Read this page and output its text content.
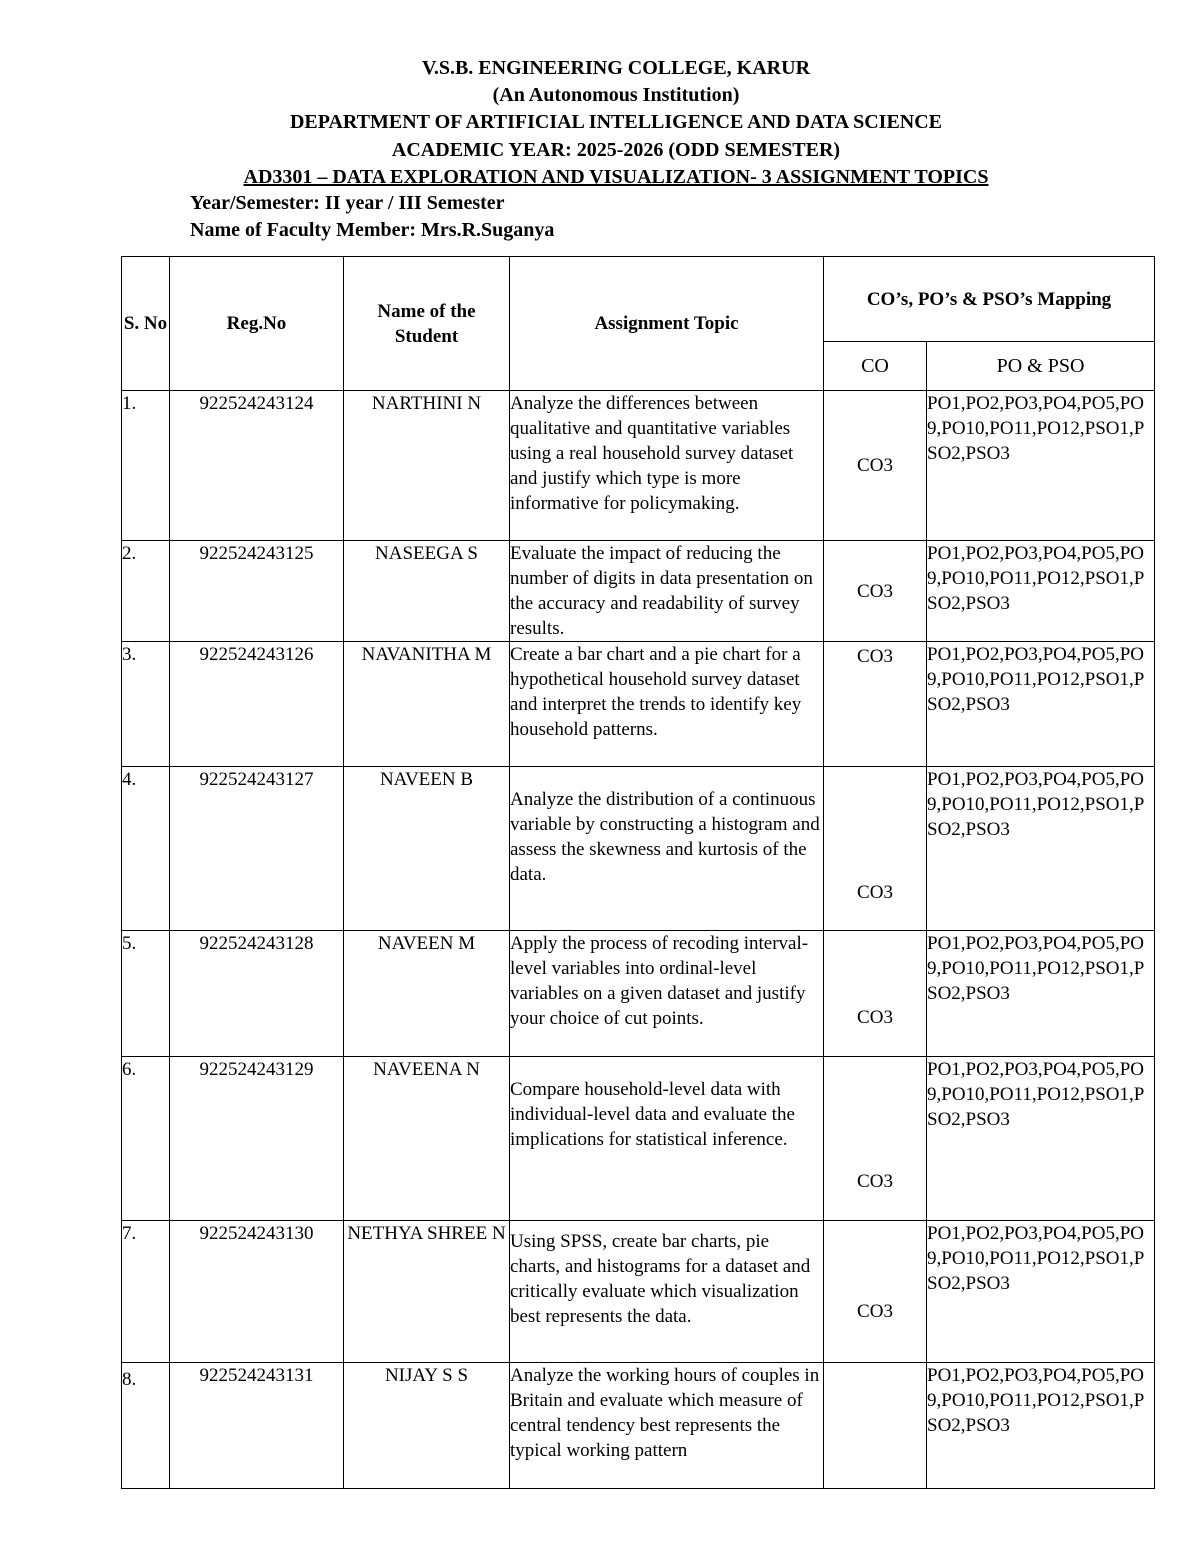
V.S.B. ENGINEERING COLLEGE, KARUR
(An Autonomous Institution)
DEPARTMENT OF ARTIFICIAL INTELLIGENCE AND DATA SCIENCE
ACADEMIC YEAR: 2025-2026 (ODD SEMESTER)
AD3301 – DATA EXPLORATION AND VISUALIZATION- 3 ASSIGNMENT TOPICS
Year/Semester: II year / III Semester
Name of Faculty Member: Mrs.R.Suganya
S. No	Reg.No	Name of the Student	Assignment Topic	CO’s, PO’s & PSO’s Mapping	
				CO	PO & PSO
1.	922524243124	NARTHINI N	Analyze the differences between qualitative and quantitative variables using a real household survey dataset and justify which type is more informative for policymaking.	CO3	PO1,PO2,PO3,PO4,PO5,PO9,PO10,PO11,PO12,PSO1,PSO2,PSO3
2.	922524243125	NASEEGA S	Evaluate the impact of reducing the number of digits in data presentation on the accuracy and readability of survey results.	CO3	PO1,PO2,PO3,PO4,PO5,PO9,PO10,PO11,PO12,PSO1,PSO2,PSO3
3.	922524243126	NAVANITHA M	Create a bar chart and a pie chart for a hypothetical household survey dataset and interpret the trends to identify key household patterns.	CO3	PO1,PO2,PO3,PO4,PO5,PO9,PO10,PO11,PO12,PSO1,PSO2,PSO3
4.	922524243127	NAVEEN B	Analyze the distribution of a continuous variable by constructing a histogram and assess the skewness and kurtosis of the data.	CO3	PO1,PO2,PO3,PO4,PO5,PO9,PO10,PO11,PO12,PSO1,PSO2,PSO3
5.	922524243128	NAVEEN M	Apply the process of recoding interval-level variables into ordinal-level variables on a given dataset and justify your choice of cut points.	CO3	PO1,PO2,PO3,PO4,PO5,PO9,PO10,PO11,PO12,PSO1,PSO2,PSO3
6.	922524243129	NAVEENA N	Compare household-level data with individual-level data and evaluate the implications for statistical inference.	CO3	PO1,PO2,PO3,PO4,PO5,PO9,PO10,PO11,PO12,PSO1,PSO2,PSO3
7.	922524243130	NETHYA SHREE N	Using SPSS, create bar charts, pie charts, and histograms for a dataset and critically evaluate which visualization best represents the data.	CO3	PO1,PO2,PO3,PO4,PO5,PO9,PO10,PO11,PO12,PSO1,PSO2,PSO3
8.	922524243131	NIJAY S S	Analyze the working hours of couples in Britain and evaluate which measure of central tendency best represents the typical working pattern		PO1,PO2,PO3,PO4,PO5,PO9,PO10,PO11,PO12,PSO1,PSO2,PSO3
